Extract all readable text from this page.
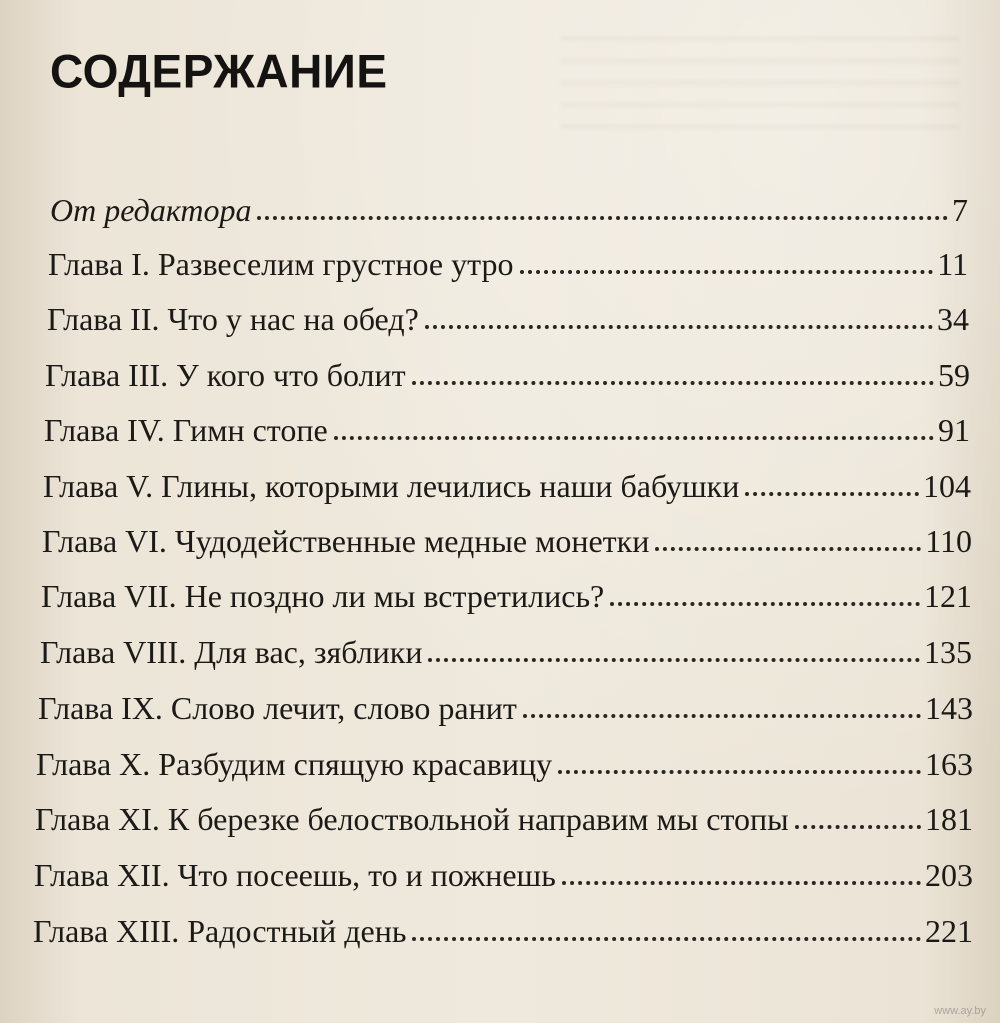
СОДЕРЖАНИЕ
От редактора	7
Глава I. Развеселим грустное утро	11
Глава II. Что у нас на обед?	34
Глава III. У кого что болит	59
Глава IV. Гимн стопе	91
Глава V. Глины, которыми лечились наши бабушки	104
Глава VI. Чудодейственные медные монетки	110
Глава VII. Не поздно ли мы встретились?	121
Глава VIII. Для вас, зяблики	135
Глава IX. Слово лечит, слово ранит	143
Глава X. Разбудим спящую красавицу	163
Глава XI. К березке белоствольной направим мы стопы	181
Глава XII. Что посеешь, то и пожнешь	203
Глава XIII. Радостный день	221
www.ay.by
